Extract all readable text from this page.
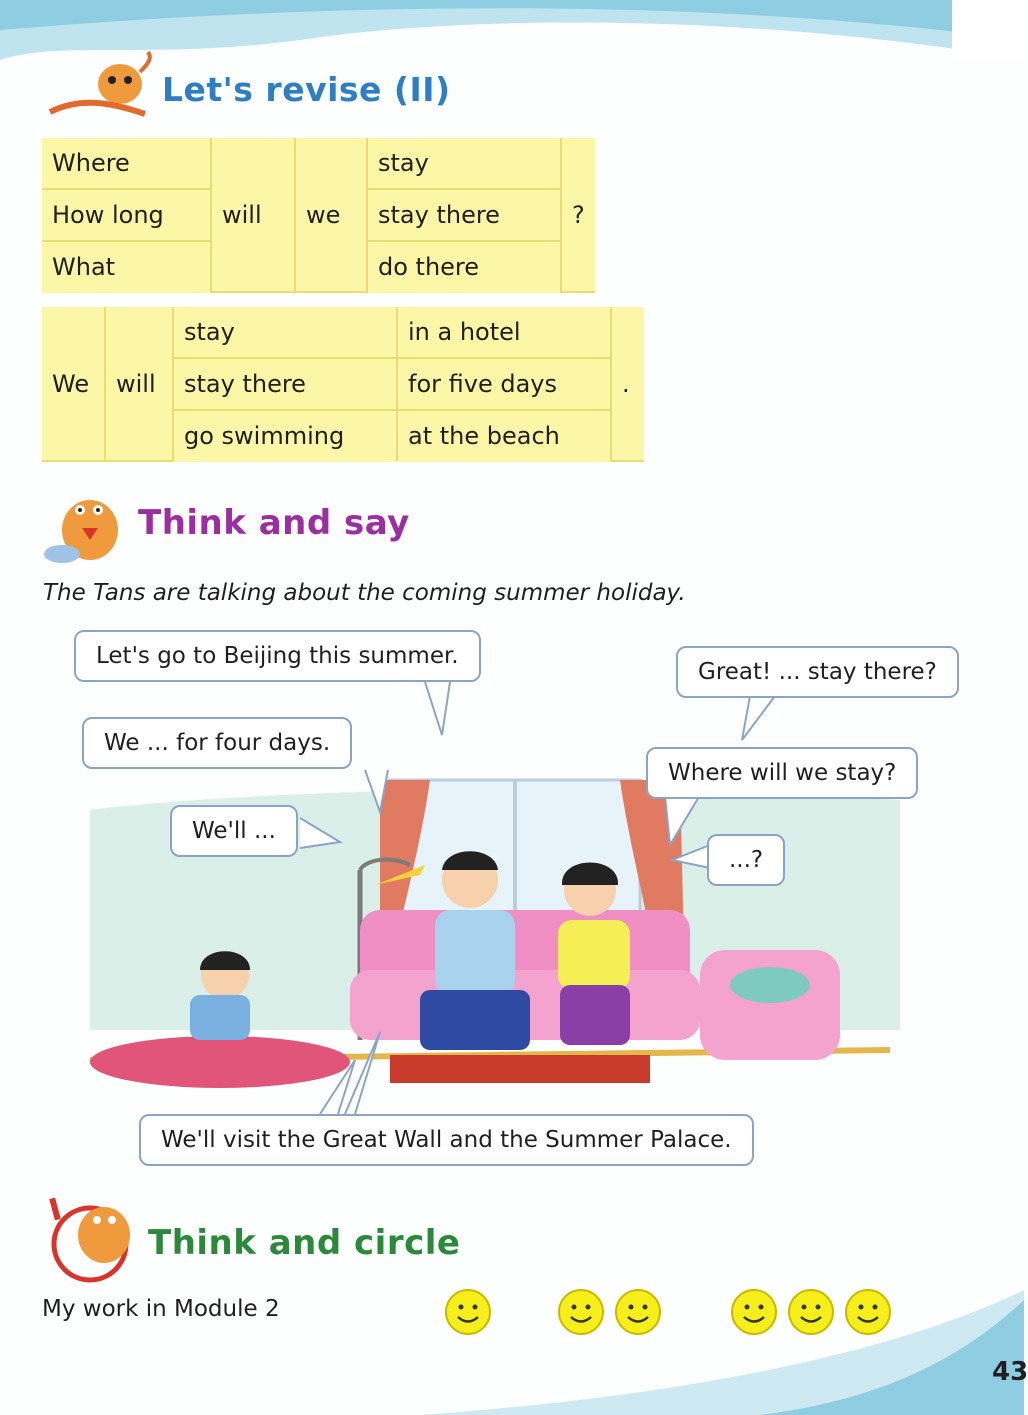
Let's revise (II)
Where	will	we	stay	?
How long			stay there	
What			do there	
We	will	stay	in a hotel	.
		stay there	for five days	
		go swimming	at the beach	
Think and say
The Tans are talking about the coming summer holiday.
Let's go to Beijing this summer.
Great! ... stay there?
We ... for four days.
Where will we stay?
We'll ...
...?
We'll visit the Great Wall and the Summer Palace.
Think and circle
My work in Module 2
43
